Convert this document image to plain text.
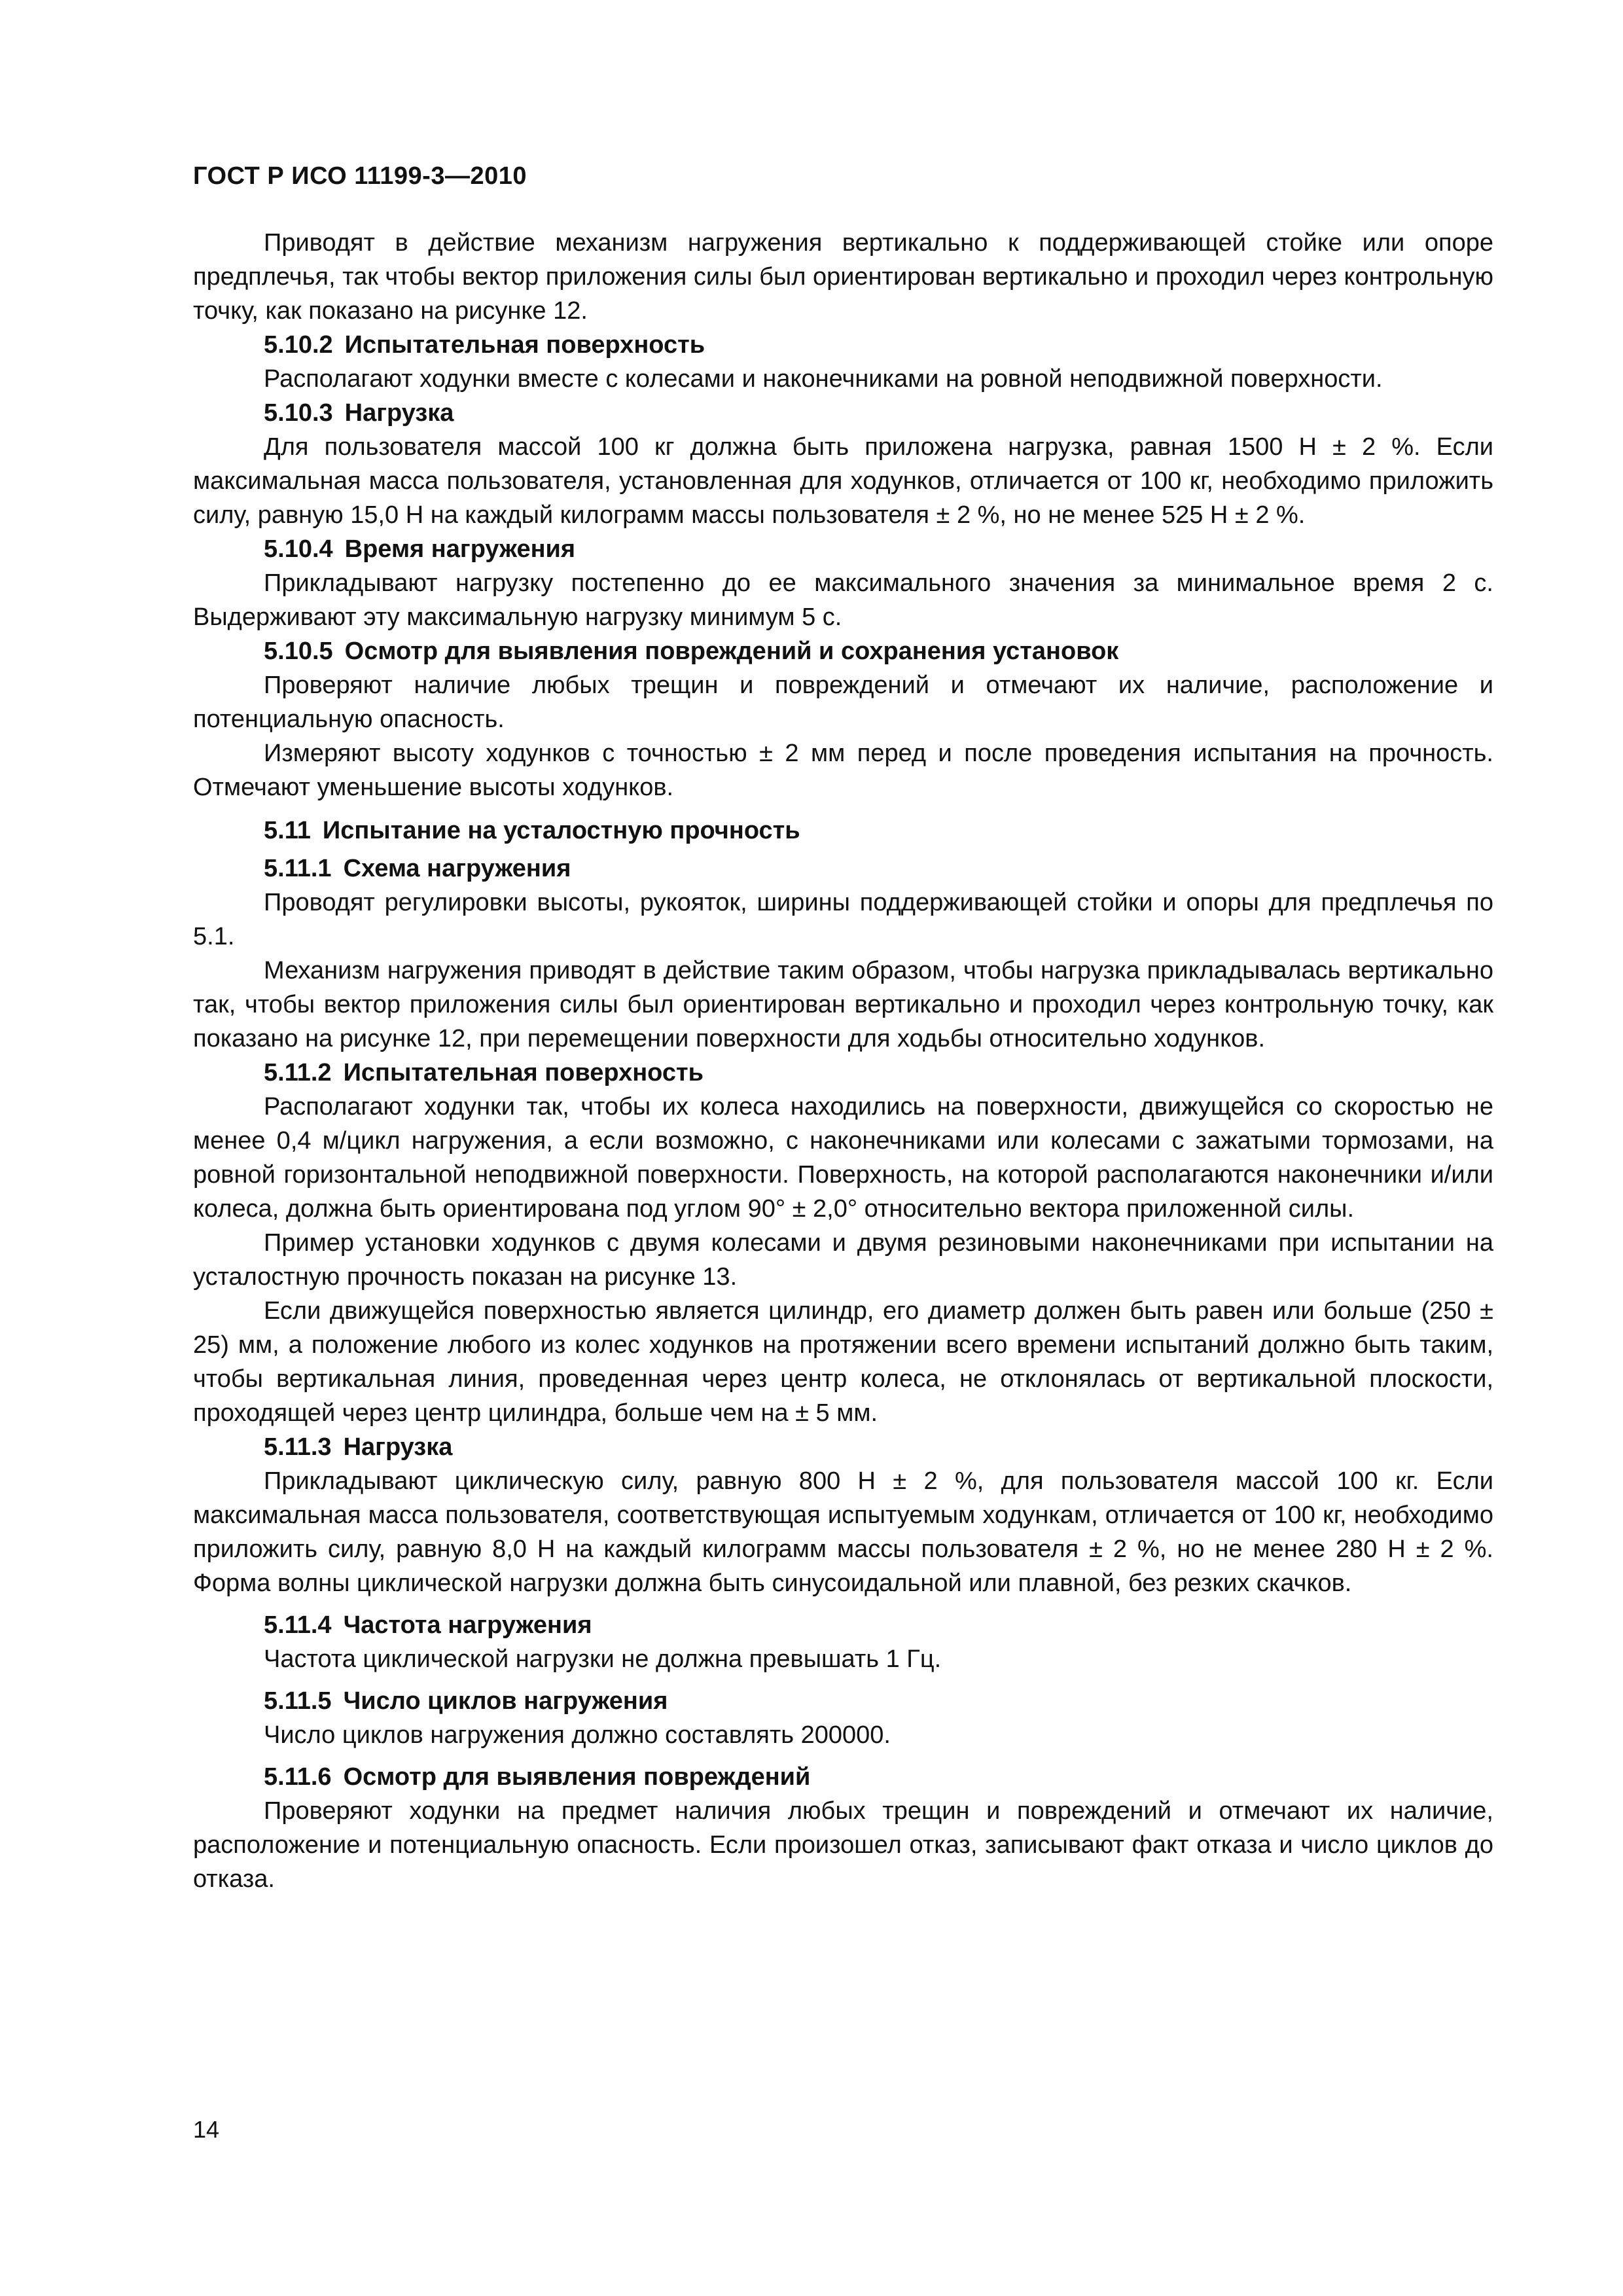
ГОСТ Р ИСО 11199-3—2010

Приводят в действие механизм нагружения вертикально к поддерживающей стойке или опоре предплечья, так чтобы вектор приложения силы был ориентирован вертикально и проходил через контрольную точку, как показано на рисунке 12.

5.10.2 Испытательная поверхность

Располагают ходунки вместе с колесами и наконечниками на ровной неподвижной поверхности.

5.10.3 Нагрузка

Для пользователя массой 100 кг должна быть приложена нагрузка, равная 1500 Н ± 2 %. Если максимальная масса пользователя, установленная для ходунков, отличается от 100 кг, необходимо приложить силу, равную 15,0 Н на каждый килограмм массы пользователя ± 2 %, но не менее 525 Н ± 2 %.

5.10.4 Время нагружения

Прикладывают нагрузку постепенно до ее максимального значения за минимальное время 2 с. Выдерживают эту максимальную нагрузку минимум 5 с.

5.10.5 Осмотр для выявления повреждений и сохранения установок

Проверяют наличие любых трещин и повреждений и отмечают их наличие, расположение и потенциальную опасность.

Измеряют высоту ходунков с точностью ± 2 мм перед и после проведения испытания на прочность. Отмечают уменьшение высоты ходунков.

5.11 Испытание на усталостную прочность
5.11.1 Схема нагружения

Проводят регулировки высоты, рукояток, ширины поддерживающей стойки и опоры для предплечья по 5.1.

Механизм нагружения приводят в действие таким образом, чтобы нагрузка прикладывалась вертикально так, чтобы вектор приложения силы был ориентирован вертикально и проходил через контрольную точку, как показано на рисунке 12, при перемещении поверхности для ходьбы относительно ходунков.

5.11.2 Испытательная поверхность

Располагают ходунки так, чтобы их колеса находились на поверхности, движущейся со скоростью не менее 0,4 м/цикл нагружения, а если возможно, с наконечниками или колесами с зажатыми тормозами, на ровной горизонтальной неподвижной поверхности. Поверхность, на которой располагаются наконечники и/или колеса, должна быть ориентирована под углом 90° ± 2,0° относительно вектора приложенной силы.

Пример установки ходунков с двумя колесами и двумя резиновыми наконечниками при испытании на усталостную прочность показан на рисунке 13.

Если движущейся поверхностью является цилиндр, его диаметр должен быть равен или больше (250 ± 25) мм, а положение любого из колес ходунков на протяжении всего времени испытаний должно быть таким, чтобы вертикальная линия, проведенная через центр колеса, не отклонялась от вертикальной плоскости, проходящей через центр цилиндра, больше чем на ± 5 мм.

5.11.3 Нагрузка

Прикладывают циклическую силу, равную 800 Н ± 2 %, для пользователя массой 100 кг. Если максимальная масса пользователя, соответствующая испытуемым ходункам, отличается от 100 кг, необходимо приложить силу, равную 8,0 Н на каждый килограмм массы пользователя ± 2 %, но не менее 280 Н ± 2 %. Форма волны циклической нагрузки должна быть синусоидальной или плавной, без резких скачков.

5.11.4 Частота нагружения

Частота циклической нагрузки не должна превышать 1 Гц.

5.11.5 Число циклов нагружения

Число циклов нагружения должно составлять 200000.

5.11.6 Осмотр для выявления повреждений

Проверяют ходунки на предмет наличия любых трещин и повреждений и отмечают их наличие, расположение и потенциальную опасность. Если произошел отказ, записывают факт отказа и число циклов до отказа.

14
